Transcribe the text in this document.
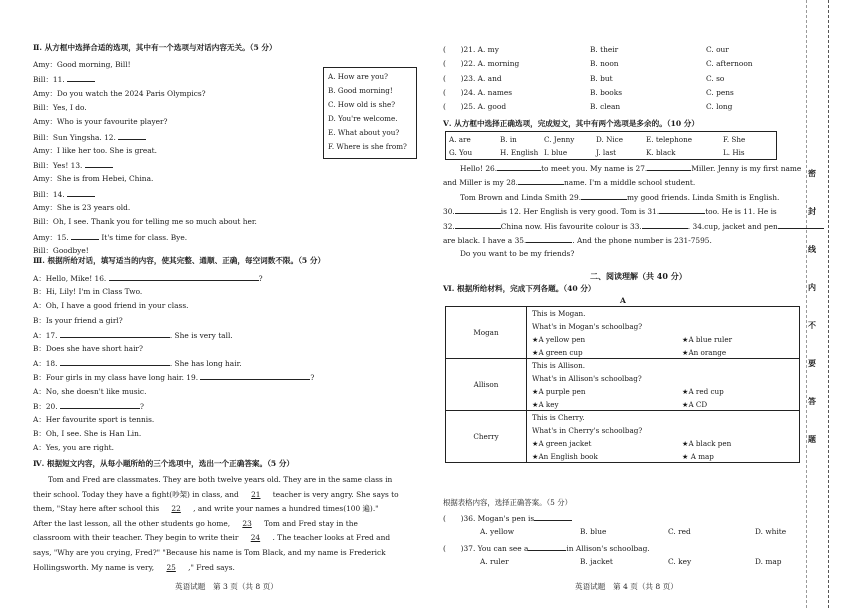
Ⅱ. 从方框中选择合适的选项，其中有一个选项与对话内容无关。（5 分）
Amy：Good morning, Bill!
Bill：11.
Amy：Do you watch the 2024 Paris Olympics?
Bill：Yes, I do.
Amy：Who is your favourite player?
Bill：Sun Yingsha. 12.
Amy：I like her too. She is great.
Bill：Yes! 13.
Amy：She is from Hebei, China.
Bill：14.
Amy：She is 23 years old.
Bill：Oh, I see. Thank you for telling me so much about her.
Amy：15.	It's time for class. Bye.
Bill：Goodbye!
A. How are you?
B. Good morning!
C. How old is she?
D. You're welcome.
E. What about you?
F. Where is she from?
Ⅲ. 根据所给对话，填写适当的内容，使其完整、通顺、正确，每空词数不限。（5 分）
A：Hello, Mike! 16.	?
B：Hi, Lily! I'm in Class Two.
A：Oh, I have a good friend in your class.
B：Is your friend a girl?
A：17.	. She is very tall.
B：Does she have short hair?
A：18.	. She has long hair.
B：Four girls in my class have long hair. 19.	?
A：No, she doesn't like music.
B：20.	?
A：Her favourite sport is tennis.
B：Oh, I see. She is Han Lin.
A：Yes, you are right.
Ⅳ. 根据短文内容，从每小题所给的三个选项中，选出一个正确答案。（5 分）
Tom and Fred are classmates. They are both twelve years old. They are in the same class in
their school. Today they have a fight(吵架) in class, and 21 teacher is very angry. She says to
them, "Stay here after school this 22 , and write your names a hundred times(100 遍)."
After the last lesson, all the other students go home, 23 Tom and Fred stay in the
classroom with their teacher. They begin to write their 24 . The teacher looks at Fred and
says, "Why are you crying, Fred?" "Because his name is Tom Black, and my name is Frederick
Hollingsworth. My name is very, 25 ," Fred says.
英语试题　第 3 页（共 8 页）
(　　)21. A. my	B. their	C. our
(　　)22. A. morning	B. noon	C. afternoon
(　　)23. A. and	B. but	C. so
(　　)24. A. names	B. books	C. pens
(　　)25. A. good	B. clean	C. long
Ⅴ. 从方框中选择正确选项，完成短文，其中有两个选项是多余的。（10 分）
A. are	B. in	C. Jenny	D. Nice	E. telephone	F. She
G. You	H. English I. blue	J. last	K. black	L. His
Hello! 26.	to meet you. My name is 27.	Miller. Jenny is my first name
and Miller is my 28.	name. I'm a middle school student.
Tom Brown and Linda Smith 29.	my good friends. Linda Smith is English.
30.	is 12. Her English is very good. Tom is 31.	too. He is 11. He is
32.	China now. His favourite colour is 33.	. 34.cup, jacket and pen
are black. I have a 35.	. And the phone number is 231-7595.
Do you want to be my friends?
二、阅读理解（共 40 分）
Ⅵ. 根据所给材料，完成下列各题。（40 分）
A
Mogan	This is Mogan.

	What's in Mogan's schoolbag?

	★A yellow pen ★A blue ruler

	★A green cup ★An orange

Allison	This is Allison.

	What's in Allison's schoolbag?

	★A purple pen ★A red cup

	★A key ★A CD

Cherry	This is Cherry.

	What's in Cherry's schoolbag?

	★A green jacket ★A black pen

	★An English book ★ A map
根据表格内容，选择正确答案。（5 分）
(　　)36. Mogan's pen is
A. yellow	B. blue	C. red	D. white
(　　)37. You can see a	in Allison's schoolbag.
A. ruler	B. jacket	C. key	D. map
英语试题　第 4 页（共 8 页）
密
封
线
内
不
要
答
题
